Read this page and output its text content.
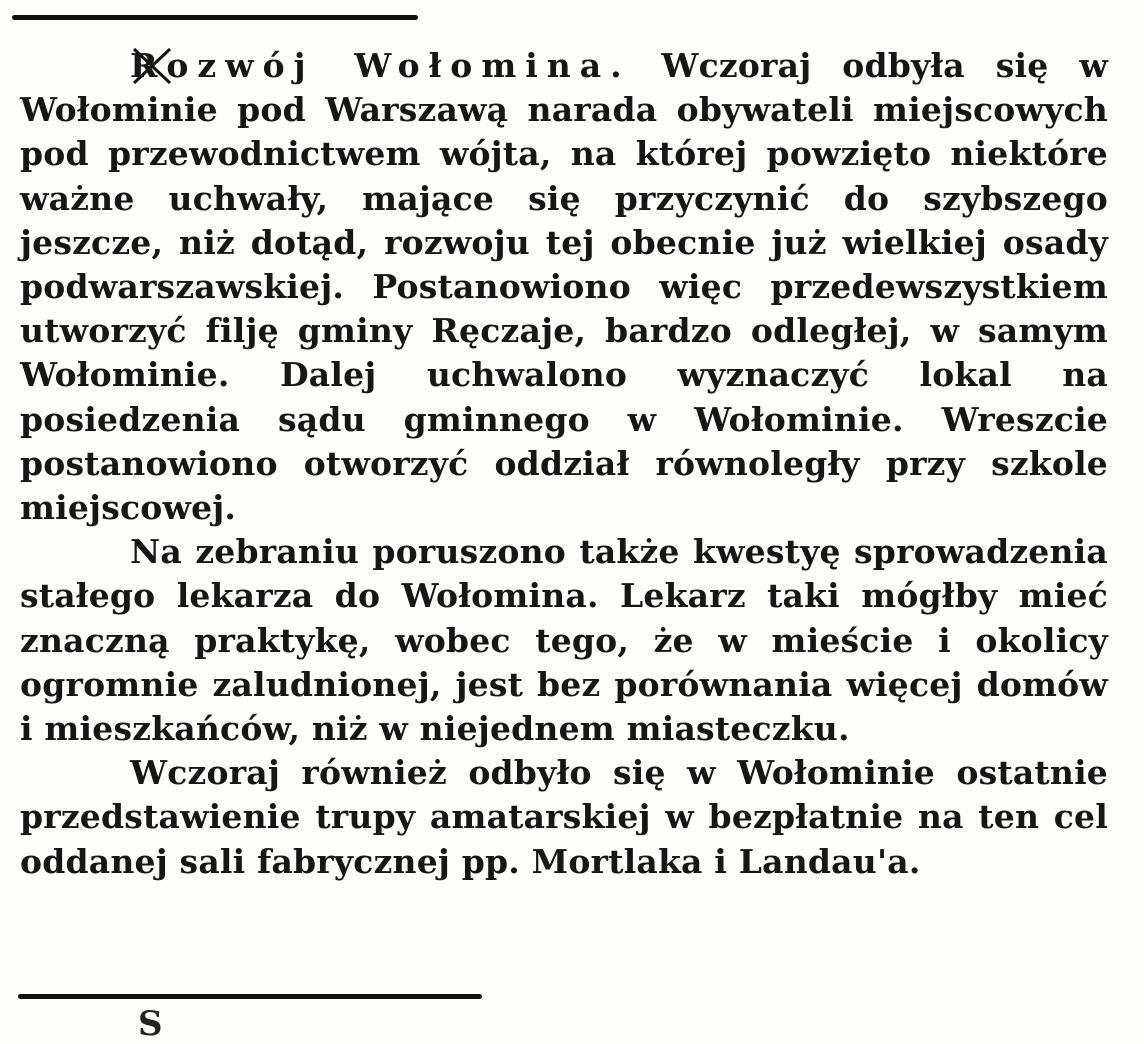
Rozwój Wołomina. Wczoraj odbyła się w Wołominie pod Warszawą narada obywateli miejscowych pod przewodnictwem wójta, na której powzięto niektóre ważne uchwały, mające się przyczynić do szybszego jeszcze, niż dotąd, rozwoju tej obecnie już wielkiej osady podwarszawskiej. Postanowiono więc przedewszystkiem utworzyć filję gminy Ręczaje, bardzo odległej, w samym Wołominie. Dalej uchwalono wyznaczyć lokal na posiedzenia sądu gminnego w Wołominie. Wreszcie postanowiono otworzyć oddział równoległy przy szkole miejscowej.

Na zebraniu poruszono także kwestyę sprowadzenia stałego lekarza do Wołomina. Lekarz taki mógłby mieć znaczną praktykę, wobec tego, że w mieście i okolicy ogromnie zaludnionej, jest bez porównania więcej domów i mieszkańców, niż w niejednem miasteczku.

Wczoraj również odbyło się w Wołominie ostatnie przedstawienie trupy amatarskiej w bezpłatnie na ten cel oddanej sali fabrycznej pp. Mortlaka i Landau'a.

S
